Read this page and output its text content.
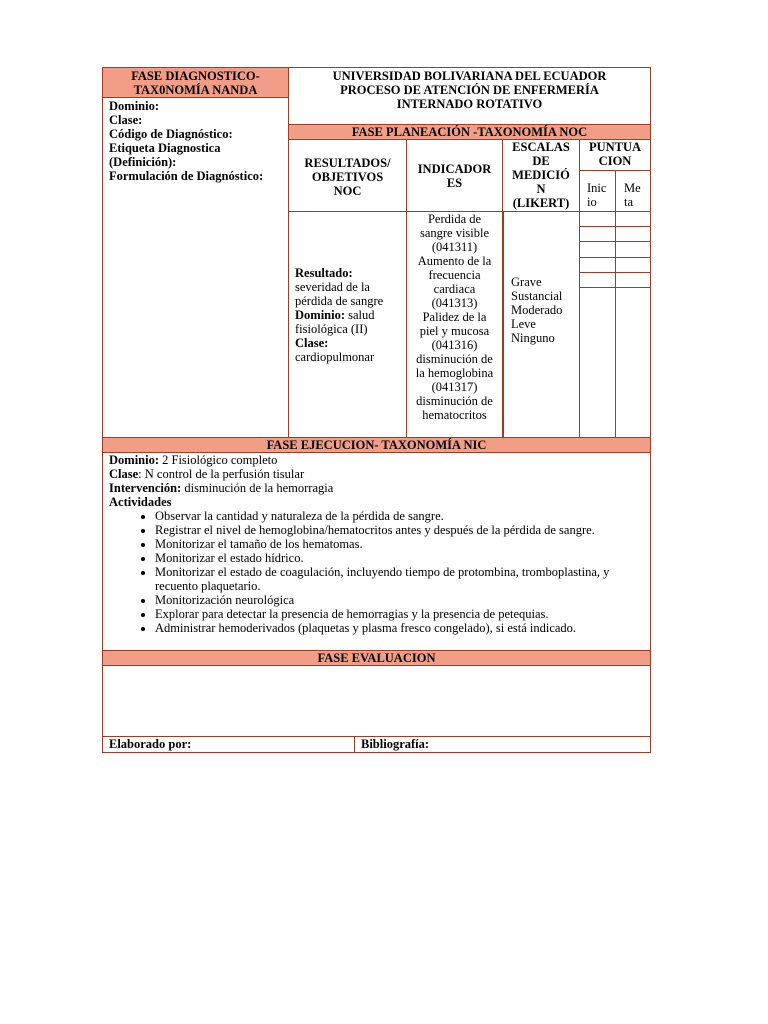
FASE DIAGNOSTICO-TAX0NOMÍA NANDA
UNIVERSIDAD BOLIVARIANA DEL ECUADOR
PROCESO DE ATENCIÓN DE ENFERMERÍA
INTERNADO ROTATIVO
Dominio:
Clase:
Código de Diagnóstico:
Etiqueta Diagnostica
(Definición):
Formulación de Diagnóstico:
FASE PLANEACIÓN -TAXONOMÍA NOC
RESULTADOS/
OBJETIVOS
NOC
INDICADOR
ES
ESCALAS
DE
MEDICIÓ
N
(LIKERT)
PUNTUA
CION
Inic
io
Me
ta
Resultado:
severidad de la pérdida de sangre
Dominio: salud fisiológica (II)
Clase:
cardiopulmonar
Perdida de
sangre visible
(041311)
Aumento de la
frecuencia
cardiaca
(041313)
Palidez de la
piel y mucosa
(041316)
disminución de
la hemoglobina
(041317)
disminución de
hematocritos
Grave
Sustancial
Moderado
Leve
Ninguno
FASE EJECUCION- TAXONOMÍA NIC
Dominio: 2 Fisiológico completo
Clase: N control de la perfusión tisular
Intervención: disminución de la hemorragia
Actividades
• Observar la cantidad y naturaleza de la pérdida de sangre.
• Registrar el nivel de hemoglobina/hematocritos antes y después de la pérdida de sangre.
• Monitorizar el tamaño de los hematomas.
• Monitorizar el estado hídrico.
• Monitorizar el estado de coagulación, incluyendo tiempo de protombina, tromboplastina, y recuento plaquetario.
• Monitorización neurológica
• Explorar para detectar la presencia de hemorragias y la presencia de petequias.
• Administrar hemoderivados (plaquetas y plasma fresco congelado), si está indicado.
FASE EVALUACION
Elaborado por:	Bibliografía:
